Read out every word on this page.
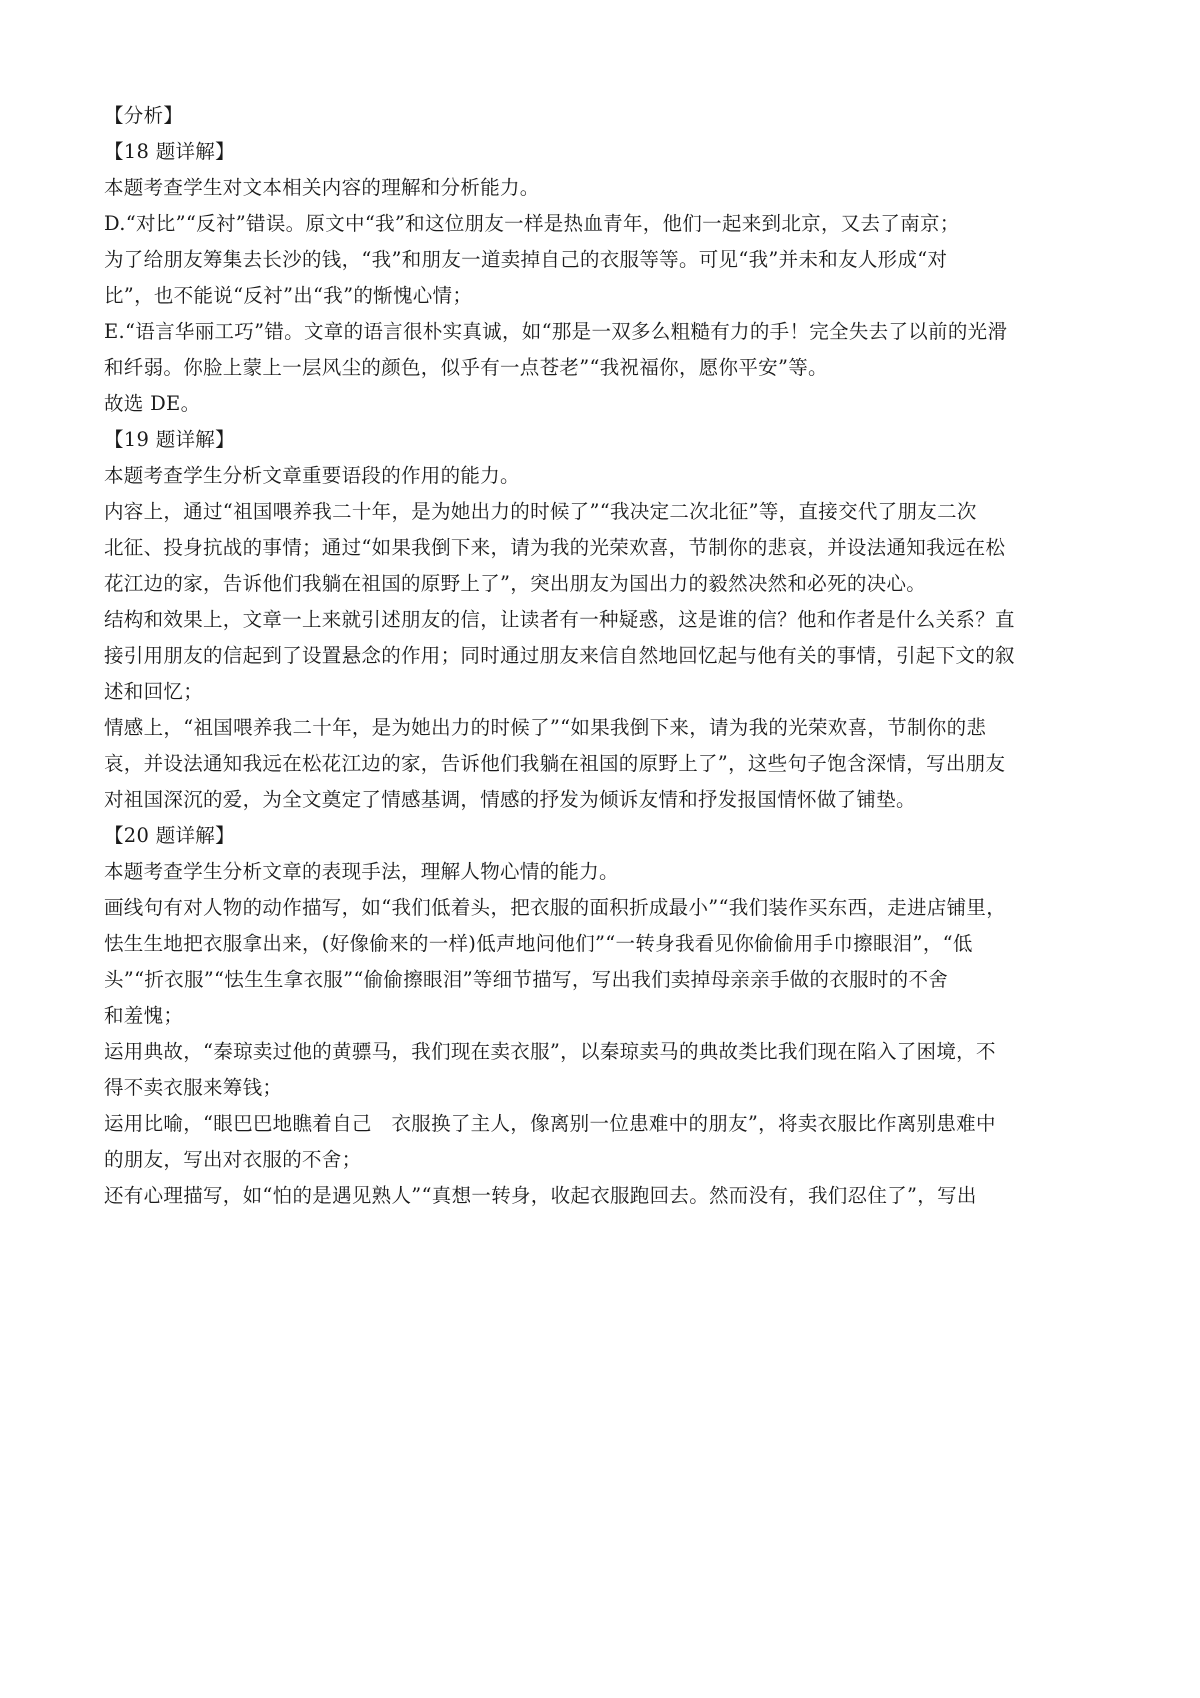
【分析】

【18 题详解】

本题考查学生对文本相关内容的理解和分析能力。

D.“对比”“反衬”错误。原文中“我”和这位朋友一样是热血青年，他们一起来到北京，又去了南京；

为了给朋友筹集去长沙的钱，“我”和朋友一道卖掉自己的衣服等等。可见“我”并未和友人形成“对

比”，也不能说“反衬”出“我”的惭愧心情；

E.“语言华丽工巧”错。文章的语言很朴实真诚，如“那是一双多么粗糙有力的手！完全失去了以前的光滑

和纤弱。你脸上蒙上一层风尘的颜色，似乎有一点苍老”“我祝福你，愿你平安”等。

故选 DE。

【19 题详解】

本题考查学生分析文章重要语段的作用的能力。

内容上，通过“祖国喂养我二十年，是为她出力的时候了”“我决定二次北征”等，直接交代了朋友二次

北征、投身抗战的事情；通过“如果我倒下来，请为我的光荣欢喜，节制你的悲哀，并设法通知我远在松

花江边的家，告诉他们我躺在祖国的原野上了”，突出朋友为国出力的毅然决然和必死的决心。

结构和效果上，文章一上来就引述朋友的信，让读者有一种疑惑，这是谁的信？他和作者是什么关系？直

接引用朋友的信起到了设置悬念的作用；同时通过朋友来信自然地回忆起与他有关的事情，引起下文的叙

述和回忆；

情感上，“祖国喂养我二十年，是为她出力的时候了”“如果我倒下来，请为我的光荣欢喜，节制你的悲

哀，并设法通知我远在松花江边的家，告诉他们我躺在祖国的原野上了”，这些句子饱含深情，写出朋友

对祖国深沉的爱，为全文奠定了情感基调，情感的抒发为倾诉友情和抒发报国情怀做了铺垫。

【20 题详解】

本题考查学生分析文章的表现手法，理解人物心情的能力。

画线句有对人物的动作描写，如“我们低着头，把衣服的面积折成最小”“我们装作买东西，走进店铺里，

怯生生地把衣服拿出来，(好像偷来的一样)低声地问他们”“一转身我看见你偷偷用手巾擦眼泪”，“低

头”“折衣服”“怯生生拿衣服”“偷偷擦眼泪”等细节描写，写出我们卖掉母亲亲手做的衣服时的不舍

和羞愧；

运用典故，“秦琼卖过他的黄骠马，我们现在卖衣服”，以秦琼卖马的典故类比我们现在陷入了困境，不

得不卖衣服来筹钱；

运用比喻，“眼巴巴地瞧着自己　衣服换了主人，像离别一位患难中的朋友”，将卖衣服比作离别患难中

的朋友，写出对衣服的不舍；

还有心理描写，如“怕的是遇见熟人”“真想一转身，收起衣服跑回去。然而没有，我们忍住了”，写出
